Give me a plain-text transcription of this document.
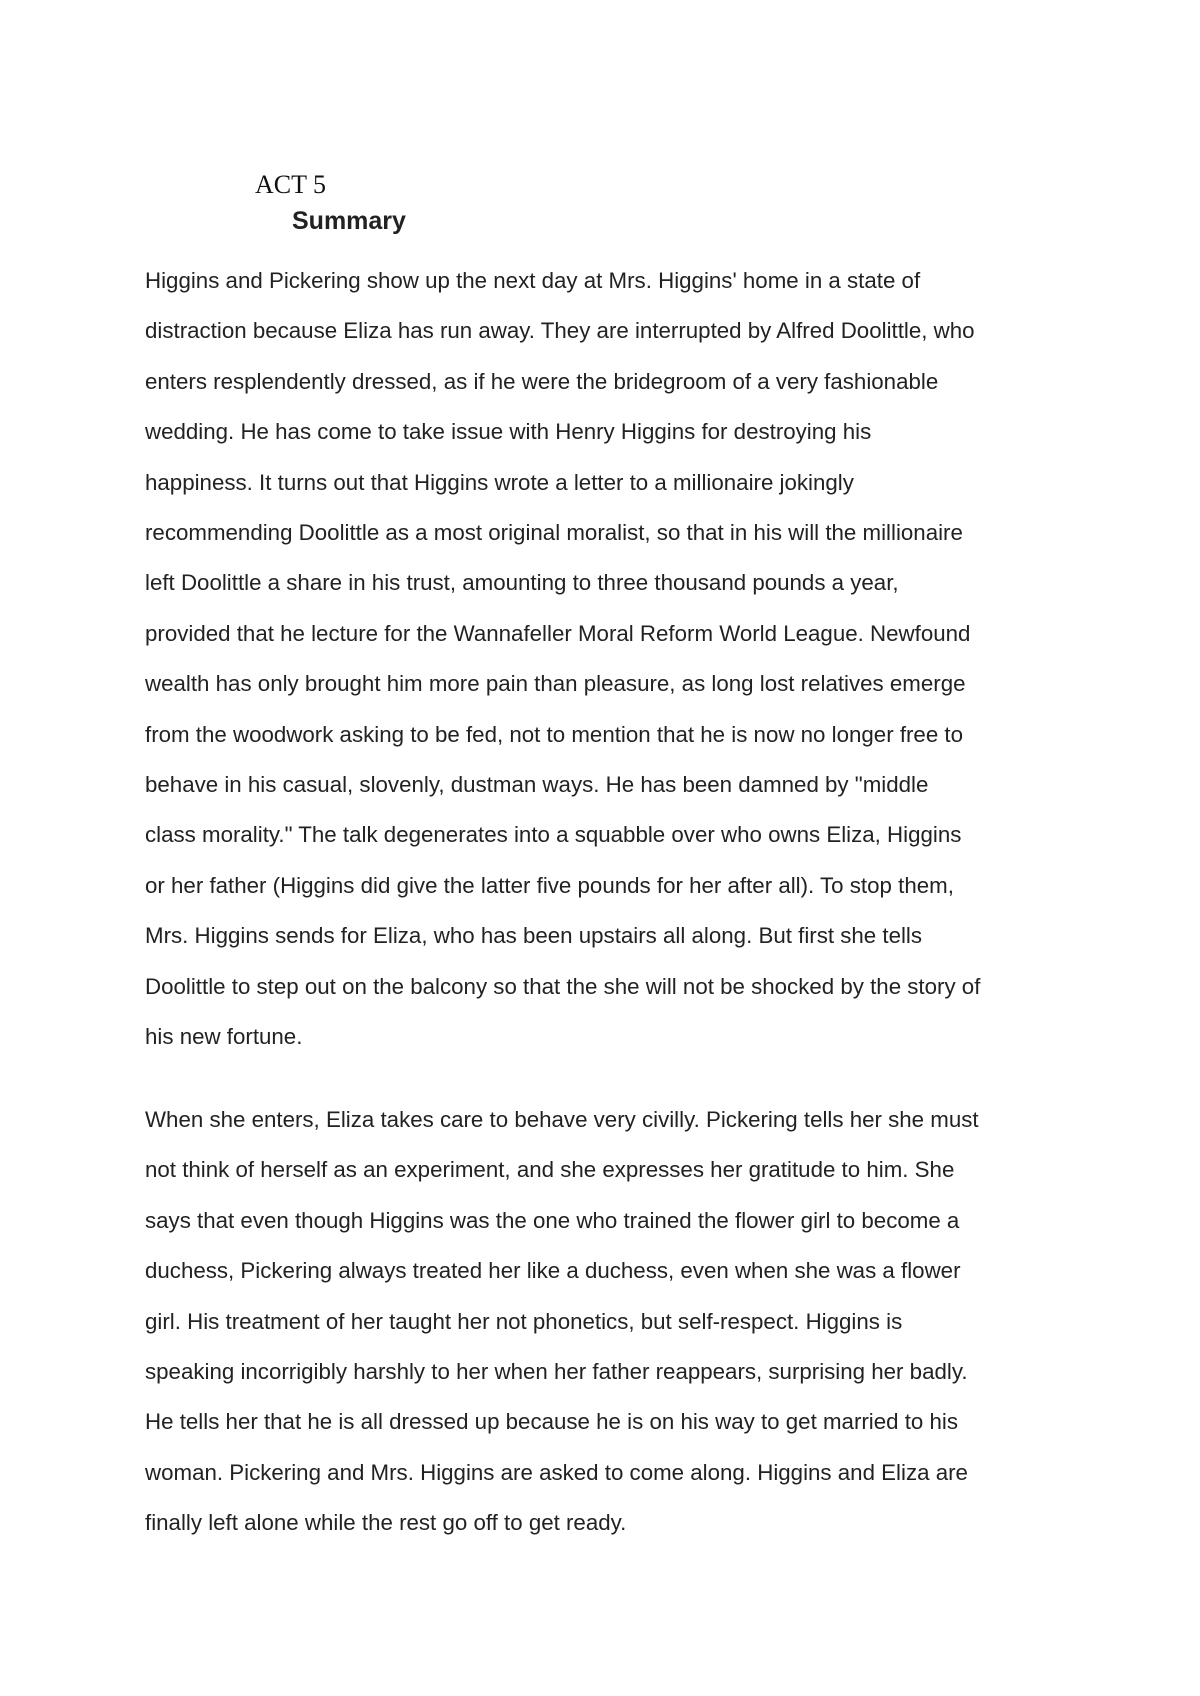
ACT 5
Summary
Higgins and Pickering show up the next day at Mrs. Higgins' home in a state of
distraction because Eliza has run away. They are interrupted by Alfred Doolittle, who
enters resplendently dressed, as if he were the bridegroom of a very fashionable
wedding. He has come to take issue with Henry Higgins for destroying his
happiness. It turns out that Higgins wrote a letter to a millionaire jokingly
recommending Doolittle as a most original moralist, so that in his will the millionaire
left Doolittle a share in his trust, amounting to three thousand pounds a year,
provided that he lecture for the Wannafeller Moral Reform World League. Newfound
wealth has only brought him more pain than pleasure, as long lost relatives emerge
from the woodwork asking to be fed, not to mention that he is now no longer free to
behave in his casual, slovenly, dustman ways. He has been damned by "middle
class morality." The talk degenerates into a squabble over who owns Eliza, Higgins
or her father (Higgins did give the latter five pounds for her after all). To stop them,
Mrs. Higgins sends for Eliza, who has been upstairs all along. But first she tells
Doolittle to step out on the balcony so that the she will not be shocked by the story of
his new fortune.
When she enters, Eliza takes care to behave very civilly. Pickering tells her she must
not think of herself as an experiment, and she expresses her gratitude to him. She
says that even though Higgins was the one who trained the flower girl to become a
duchess, Pickering always treated her like a duchess, even when she was a flower
girl. His treatment of her taught her not phonetics, but self-respect. Higgins is
speaking incorrigibly harshly to her when her father reappears, surprising her badly.
He tells her that he is all dressed up because he is on his way to get married to his
woman. Pickering and Mrs. Higgins are asked to come along. Higgins and Eliza are
finally left alone while the rest go off to get ready.
